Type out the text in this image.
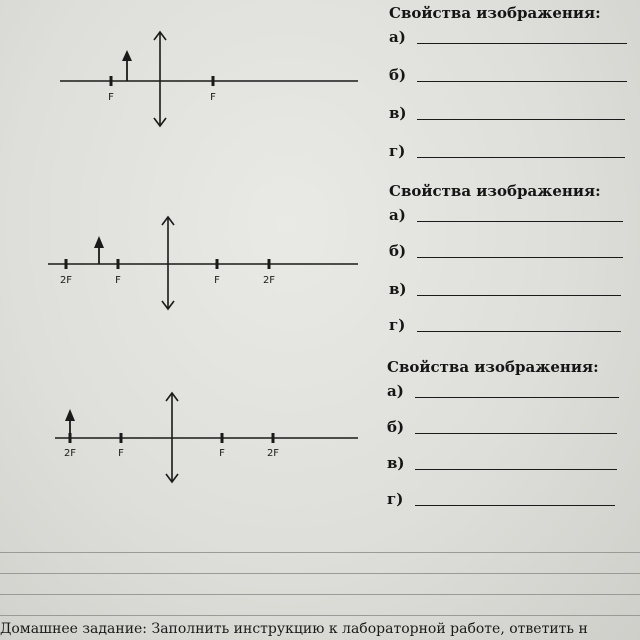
F	F
2F	F	F	2F
2F	F	F	2F
Свойства изображения:
а)
б)
в)
г)
Свойства изображения:
а)
б)
в)
г)
Свойства изображения:
а)
б)
в)
г)
Домашнее задание: Заполнить инструкцию к лабораторной работе, ответить н
